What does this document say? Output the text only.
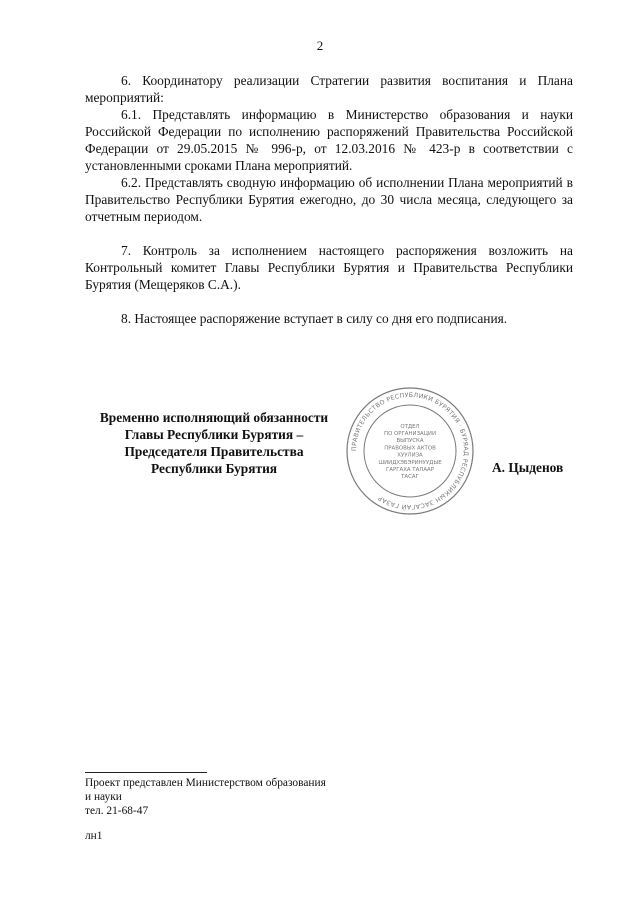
2

6. Координатору реализации Стратегии развития воспитания и Плана мероприятий:

6.1. Представлять информацию в Министерство образования и науки Российской Федерации по исполнению распоряжений Правительства Российской Федерации от 29.05.2015 № 996-р, от 12.03.2016 № 423-р в соответствии с установленными сроками Плана мероприятий.

6.2. Представлять сводную информацию об исполнении Плана мероприятий в Правительство Республики Бурятия ежегодно, до 30 числа месяца, следующего за отчетным периодом.

7. Контроль за исполнением настоящего распоряжения возложить на Контрольный комитет Главы Республики Бурятия и Правительства Республики Бурятия (Мещеряков С.А.).

8. Настоящее распоряжение вступает в силу со дня его подписания.

Временно исполняющий обязанности
Главы Республики Бурятия –
Председателя Правительства
Республики Бурятия
ПРАВИТЕЛЬСТВО РЕСПУБЛИКИ БУРЯТИЯ · БУРЯАД РЕСПУБЛИКЫН ЗАСАГАЙ ГАЗАР
ОТДЕЛ
ПО ОРГАНИЗАЦИИ
ВЫПУСКА
ПРАВОВЫХ АКТОВ
ХУУЛИЗА
ШИИДХЭБЭРИНУУДЫЕ
ГАРГАХА ТАЛААР
ТАСАГ
А. Цыденов
Проект представлен Министерством образования
и науки
тел. 21-68-47
лн1
